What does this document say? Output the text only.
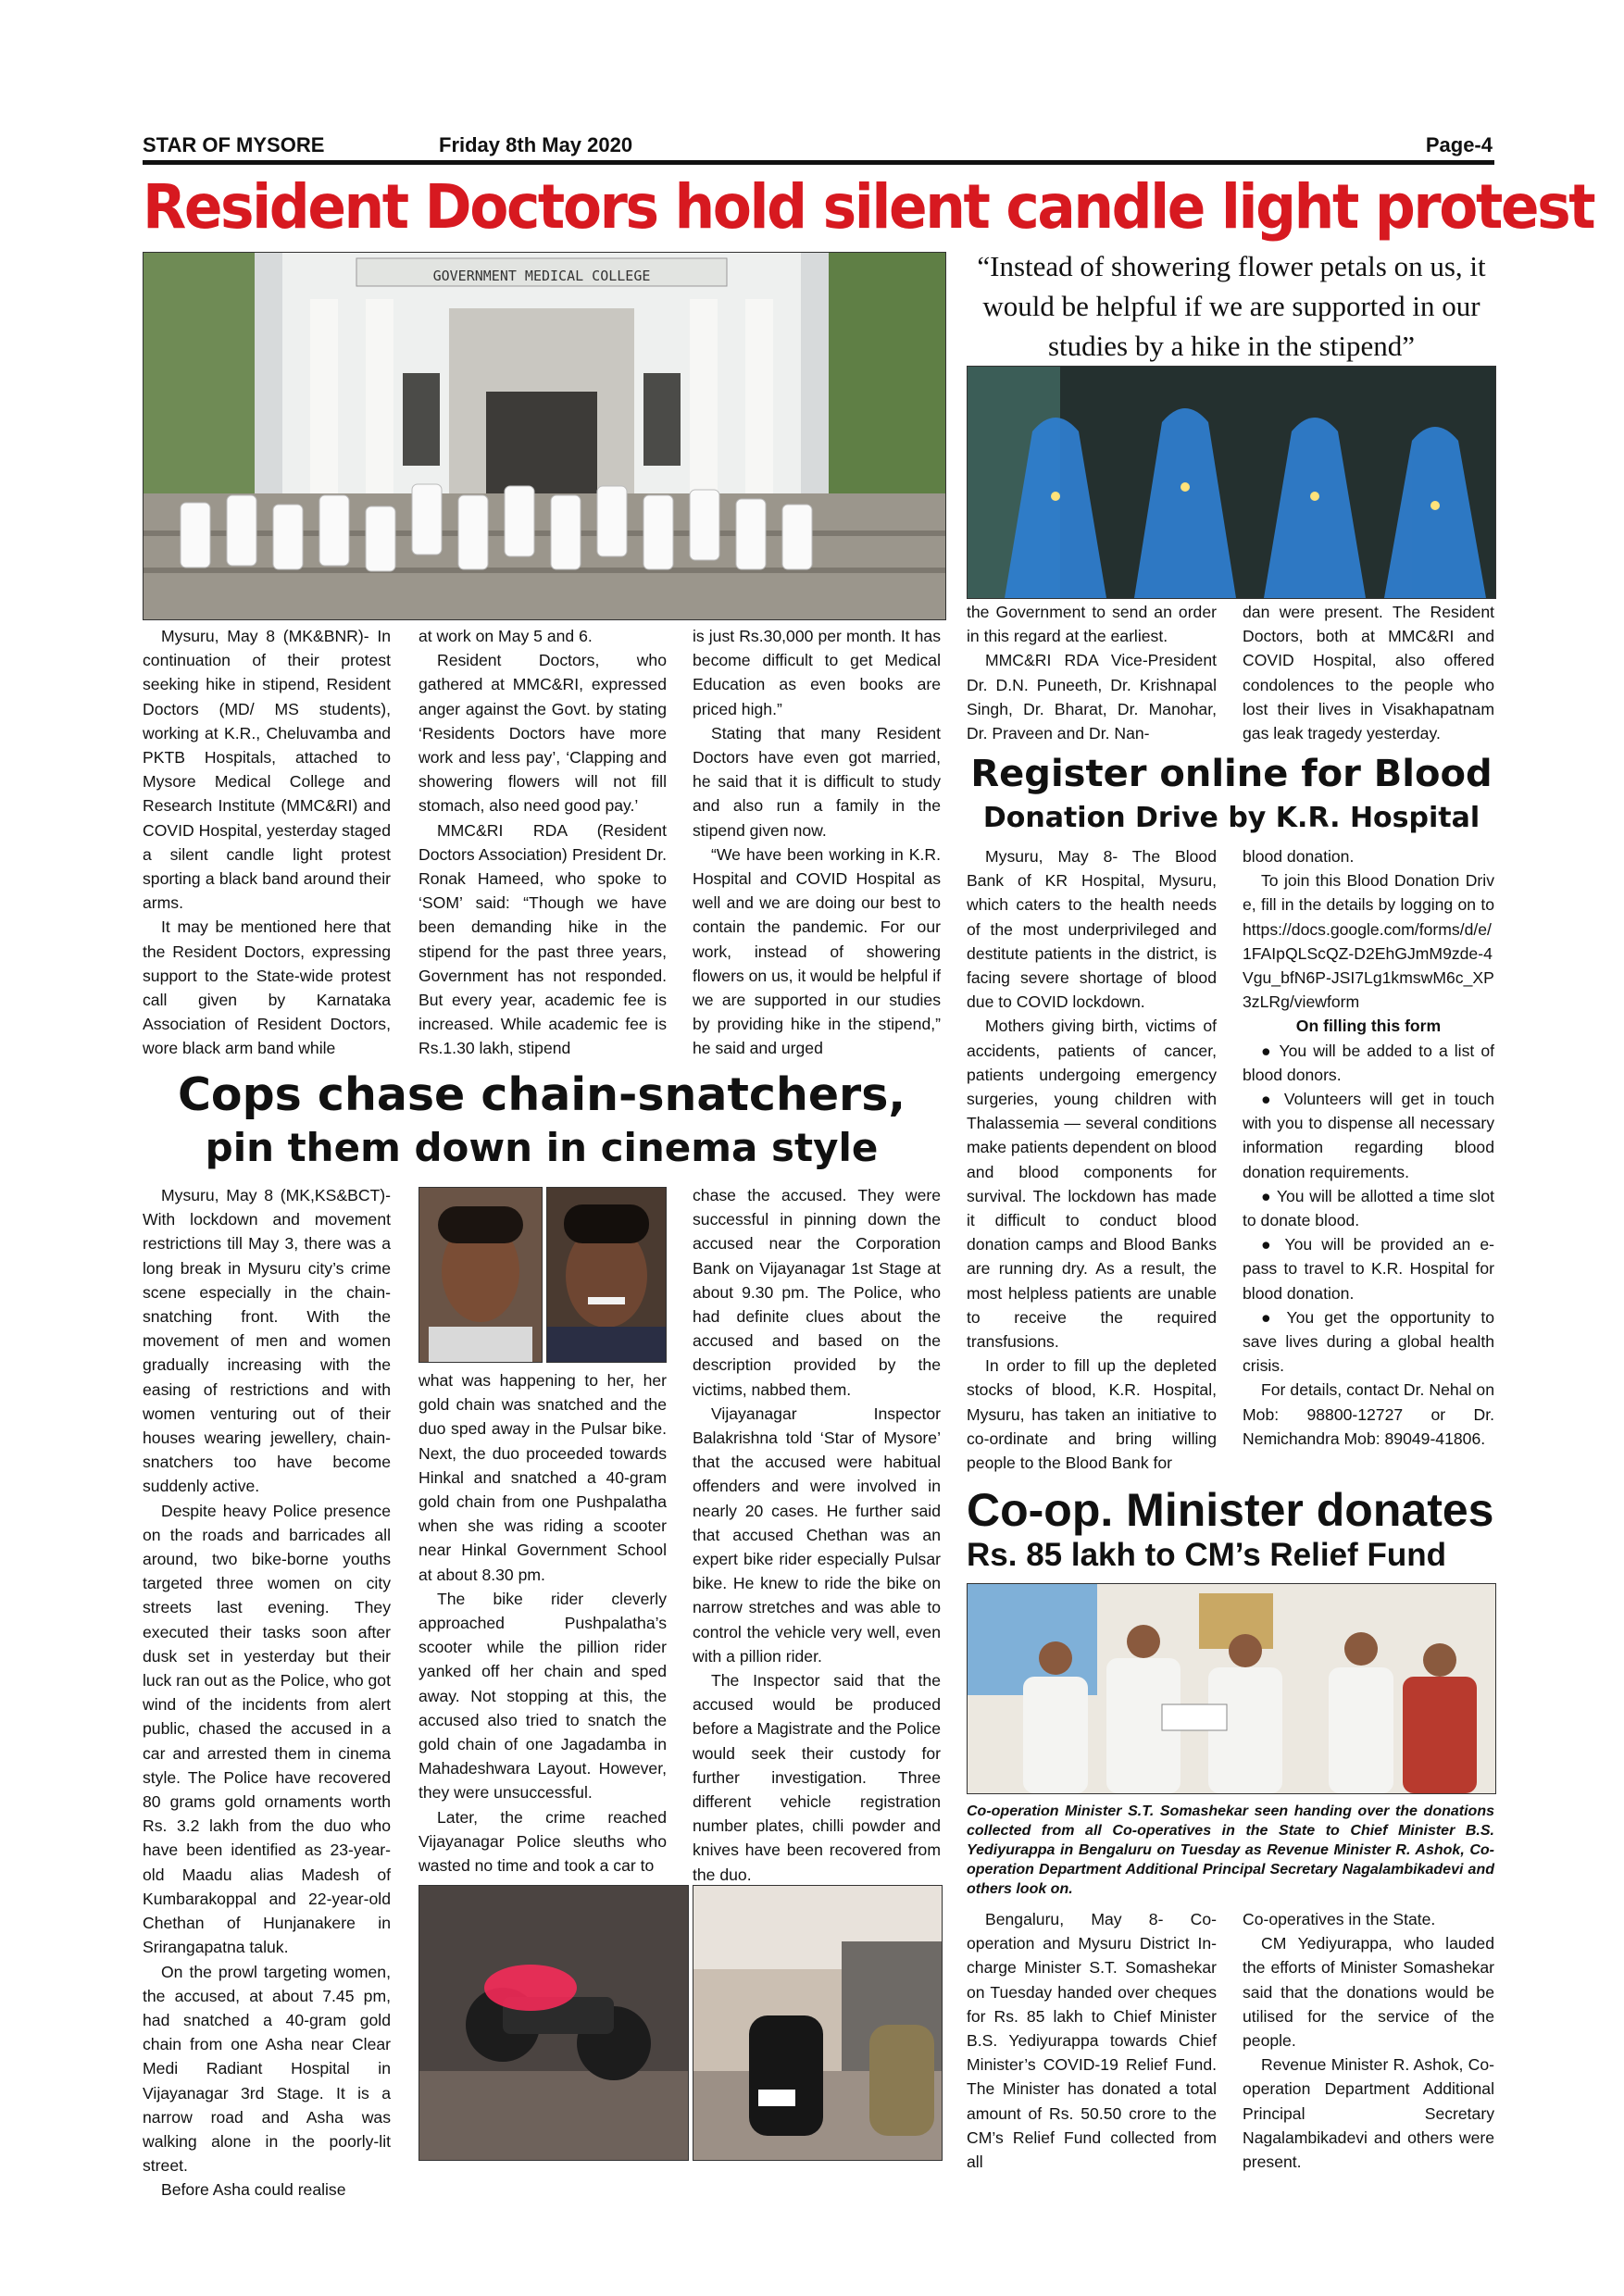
STAR OF MYSORE	Friday 8th May 2020	Page-4
Resident Doctors hold silent candle light protest
GOVERNMENT MEDICAL COLLEGE	“Instead of showering flower petals on us, it would be helpful if we are supported in our studies by a hike in the stipend”

Mysuru, May 8 (MK&BNR)- In continuation of their protest seeking hike in stipend, Resident Doctors (MD/ MS students), working at K.R., Cheluvamba and PKTB Hospitals, attached to Mysore Medical College and Research Institute (MMC&RI) and COVID Hospital, yesterday staged a silent candle light protest sporting a black band around their arms.

It may be mentioned here that the Resident Doctors, expressing support to the State-wide protest call given by Karnataka Association of Resident Doctors, wore black arm band while

at work on May 5 and 6.

Resident Doctors, who gathered at MMC&RI, expressed anger against the Govt. by stating ‘Residents Doctors have more work and less pay’, ‘Clapping and showering flowers will not fill stomach, also need good pay.’

MMC&RI RDA (Resident Doctors Association) President Dr. Ronak Hameed, who spoke to ‘SOM’ said: “Though we have been demanding hike in the stipend for the past three years, Government has not responded. But every year, academic fee is increased. While academic fee is Rs.1.30 lakh, stipend

is just Rs.30,000 per month. It has become difficult to get Medical Education as even books are priced high.”

Stating that many Resident Doctors have even got married, he said that it is difficult to study and also run a family in the stipend given now.

“We have been working in K.R. Hospital and COVID Hospital as well and we are doing our best to contain the pandemic. For our work, instead of showering flowers on us, it would be helpful if we are supported in our studies by providing hike in the stipend,” he said and urged

the Government to send an order in this regard at the earliest.

MMC&RI RDA Vice-President Dr. D.N. Puneeth, Dr. Krishnapal Singh, Dr. Bharat, Dr. Manohar, Dr. Praveen and Dr. Nan-

dan were present. The Resident Doctors, both at MMC&RI and COVID Hospital, also offered condolences to the people who lost their lives in Visakhapatnam gas leak tragedy yesterday.

Cops chase chain-snatchers,
pin them down in cinema style

Mysuru, May 8 (MK,KS&BCT)- With lockdown and movement restrictions till May 3, there was a long break in Mysuru city’s crime scene especially in the chain-snatching front. With the movement of men and women gradually increasing with the easing of restrictions and with women venturing out of their houses wearing jewellery, chain-snatchers too have become suddenly active.

Despite heavy Police presence on the roads and barricades all around, two bike-borne youths targeted three women on city streets last evening. They executed their tasks soon after dusk set in yesterday but their luck ran out as the Police, who got wind of the incidents from alert public, chased the accused in a car and arrested them in cinema style. The Police have recovered 80 grams gold ornaments worth Rs. 3.2 lakh from the duo who have been identified as 23-year-old Maadu alias Madesh of Kumbarakoppal and 22-year-old Chethan of Hunjanakere in Srirangapatna taluk.

On the prowl targeting women, the accused, at about 7.45 pm, had snatched a 40-gram gold chain from one Asha near Clear Medi Radiant Hospital in Vijayanagar 3rd Stage. It is a narrow road and Asha was walking alone in the poorly-lit street.

Before Asha could realise

what was happening to her, her gold chain was snatched and the duo sped away in the Pulsar bike. Next, the duo proceeded towards Hinkal and snatched a 40-gram gold chain from one Pushpalatha when she was riding a scooter near Hinkal Government School at about 8.30 pm.

The bike rider cleverly approached Pushpalatha’s scooter while the pillion rider yanked off her chain and sped away. Not stopping at this, the accused also tried to snatch the gold chain of one Jagadamba in Mahadeshwara Layout. However, they were unsuccessful.

Later, the crime reached Vijayanagar Police sleuths who wasted no time and took a car to

chase the accused. They were successful in pinning down the accused near the Corporation Bank on Vijayanagar 1st Stage at about 9.30 pm. The Police, who had definite clues about the accused and based on the description provided by the victims, nabbed them.

Vijayanagar Inspector Balakrishna told ‘Star of Mysore’ that the accused were habitual offenders and were involved in nearly 20 cases. He further said that accused Chethan was an expert bike rider especially Pulsar bike. He knew to ride the bike on narrow stretches and was able to control the vehicle very well, even with a pillion rider.

The Inspector said that the accused would be produced before a Magistrate and the Police would seek their custody for further investigation. Three different vehicle registration number plates, chilli powder and knives have been recovered from the duo.

Register online for Blood
Donation Drive by K.R. Hospital

Mysuru, May 8- The Blood Bank of KR Hospital, Mysuru, which caters to the health needs of the most underprivileged and destitute patients in the district, is facing severe shortage of blood due to COVID lockdown.

Mothers giving birth, victims of accidents, patients of cancer, patients undergoing emergency surgeries, young children with Thalassemia — several conditions make patients dependent on blood and blood components for survival. The lockdown has made it difficult to conduct blood donation camps and Blood Banks are running dry. As a result, the most helpless patients are unable to receive the required transfusions.

In order to fill up the depleted stocks of blood, K.R. Hospital, Mysuru, has taken an initiative to co-ordinate and bring willing people to the Blood Bank for

blood donation.

To join this Blood Donation Drive, fill in the details by logging on to https://docs.google.com/forms/d/e/1FAIpQLScQZ-D2EhGJmM9zde-4Vgu_bfN6P-JSI7Lg1kmswM6c_XP3zLRg/viewform

On filling this form

● You will be added to a list of blood donors.

● Volunteers will get in touch with you to dispense all necessary information regarding blood donation requirements.

● You will be allotted a time slot to donate blood.

● You will be provided an e-pass to travel to K.R. Hospital for blood donation.

● You get the opportunity to save lives during a global health crisis.

For details, contact Dr. Nehal on Mob: 98800-12727 or Dr. Nemichandra Mob: 89049-41806.

Co-op. Minister donates
Rs. 85 lakh to CM’s Relief Fund
Co-operation Minister S.T. Somashekar seen handing over the donations collected from all Co-operatives in the State to Chief Minister B.S. Yediyurappa in Bengaluru on Tuesday as Revenue Minister R. Ashok, Co-operation Department Additional Principal Secretary Nagalambikadevi and others look on.

Bengaluru, May 8- Co-operation and Mysuru District In-charge Minister S.T. Somashekar on Tuesday handed over cheques for Rs. 85 lakh to Chief Minister B.S. Yediyurappa towards Chief Minister’s COVID-19 Relief Fund. The Minister has donated a total amount of Rs. 50.50 crore to the CM’s Relief Fund collected from all

Co-operatives in the State.

CM Yediyurappa, who lauded the efforts of Minister Somashekar said that the donations would be utilised for the service of the people.

Revenue Minister R. Ashok, Co-operation Department Additional Principal Secretary Nagalambikadevi and others were present.
